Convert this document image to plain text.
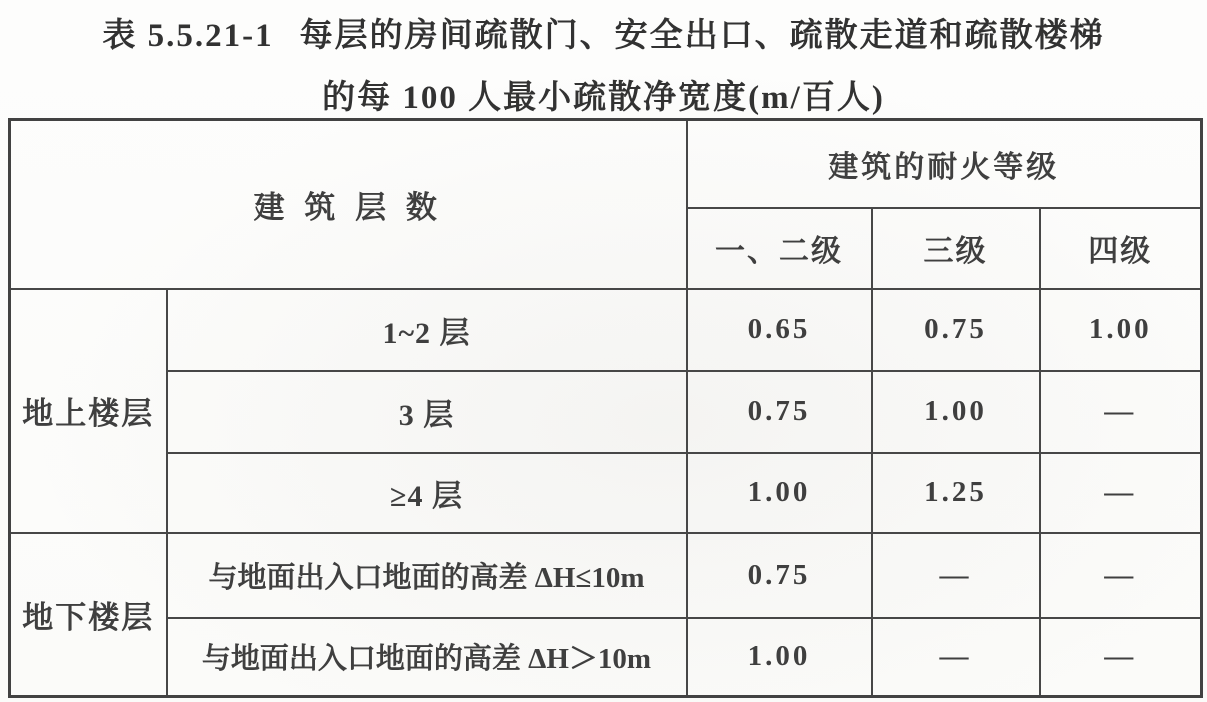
表 5.5.21-1 每层的房间疏散门、安全出口、疏散走道和疏散楼梯
的每 100 人最小疏散净宽度(m/百人)
建 筑 层 数		建筑的耐火等级		
		一、二级	三级	四级
地上楼层	1~2 层	0.65	0.75	1.00
	3 层	0.75	1.00	—
	≥4 层	1.00	1.25	—
地下楼层	与地面出入口地面的高差 ΔH≤10m	0.75	—	—
	与地面出入口地面的高差 ΔH＞10m	1.00	—	—
